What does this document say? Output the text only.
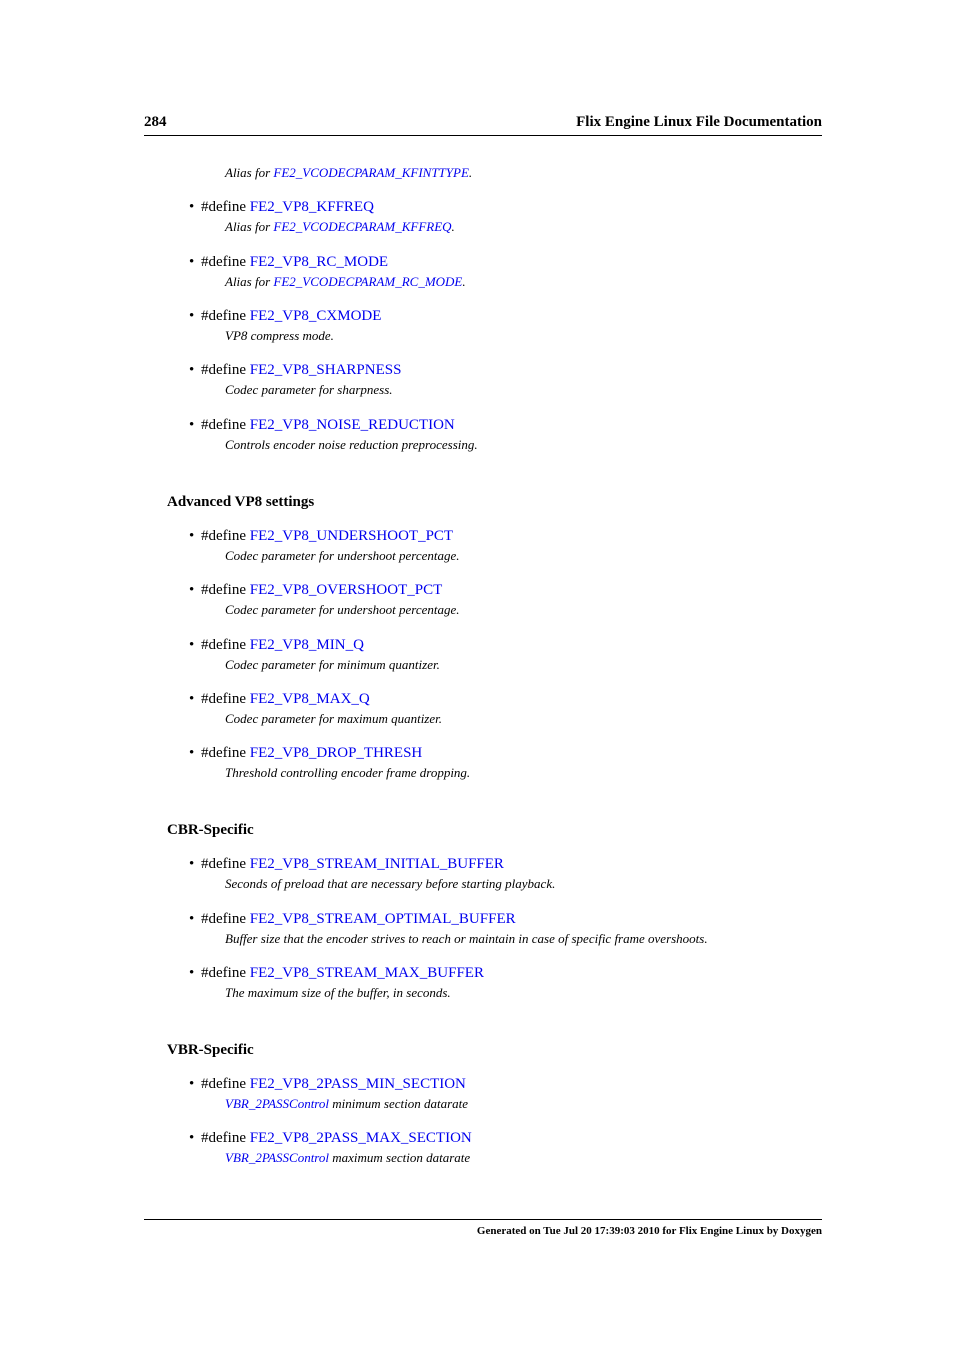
284	Flix Engine Linux File Documentation
Alias for FE2_VCODECPARAM_KFINTTYPE.
• #define FE2_VP8_KFFREQ
Alias for FE2_VCODECPARAM_KFFREQ.
• #define FE2_VP8_RC_MODE
Alias for FE2_VCODECPARAM_RC_MODE.
• #define FE2_VP8_CXMODE
VP8 compress mode.
• #define FE2_VP8_SHARPNESS
Codec parameter for sharpness.
• #define FE2_VP8_NOISE_REDUCTION
Controls encoder noise reduction preprocessing.
Advanced VP8 settings
• #define FE2_VP8_UNDERSHOOT_PCT
Codec parameter for undershoot percentage.
• #define FE2_VP8_OVERSHOOT_PCT
Codec parameter for undershoot percentage.
• #define FE2_VP8_MIN_Q
Codec parameter for minimum quantizer.
• #define FE2_VP8_MAX_Q
Codec parameter for maximum quantizer.
• #define FE2_VP8_DROP_THRESH
Threshold controlling encoder frame dropping.
CBR-Specific
• #define FE2_VP8_STREAM_INITIAL_BUFFER
Seconds of preload that are necessary before starting playback.
• #define FE2_VP8_STREAM_OPTIMAL_BUFFER
Buffer size that the encoder strives to reach or maintain in case of specific frame overshoots.
• #define FE2_VP8_STREAM_MAX_BUFFER
The maximum size of the buffer, in seconds.
VBR-Specific
• #define FE2_VP8_2PASS_MIN_SECTION
VBR_2PASSControl minimum section datarate
• #define FE2_VP8_2PASS_MAX_SECTION
VBR_2PASSControl maximum section datarate
Generated on Tue Jul 20 17:39:03 2010 for Flix Engine Linux by Doxygen
